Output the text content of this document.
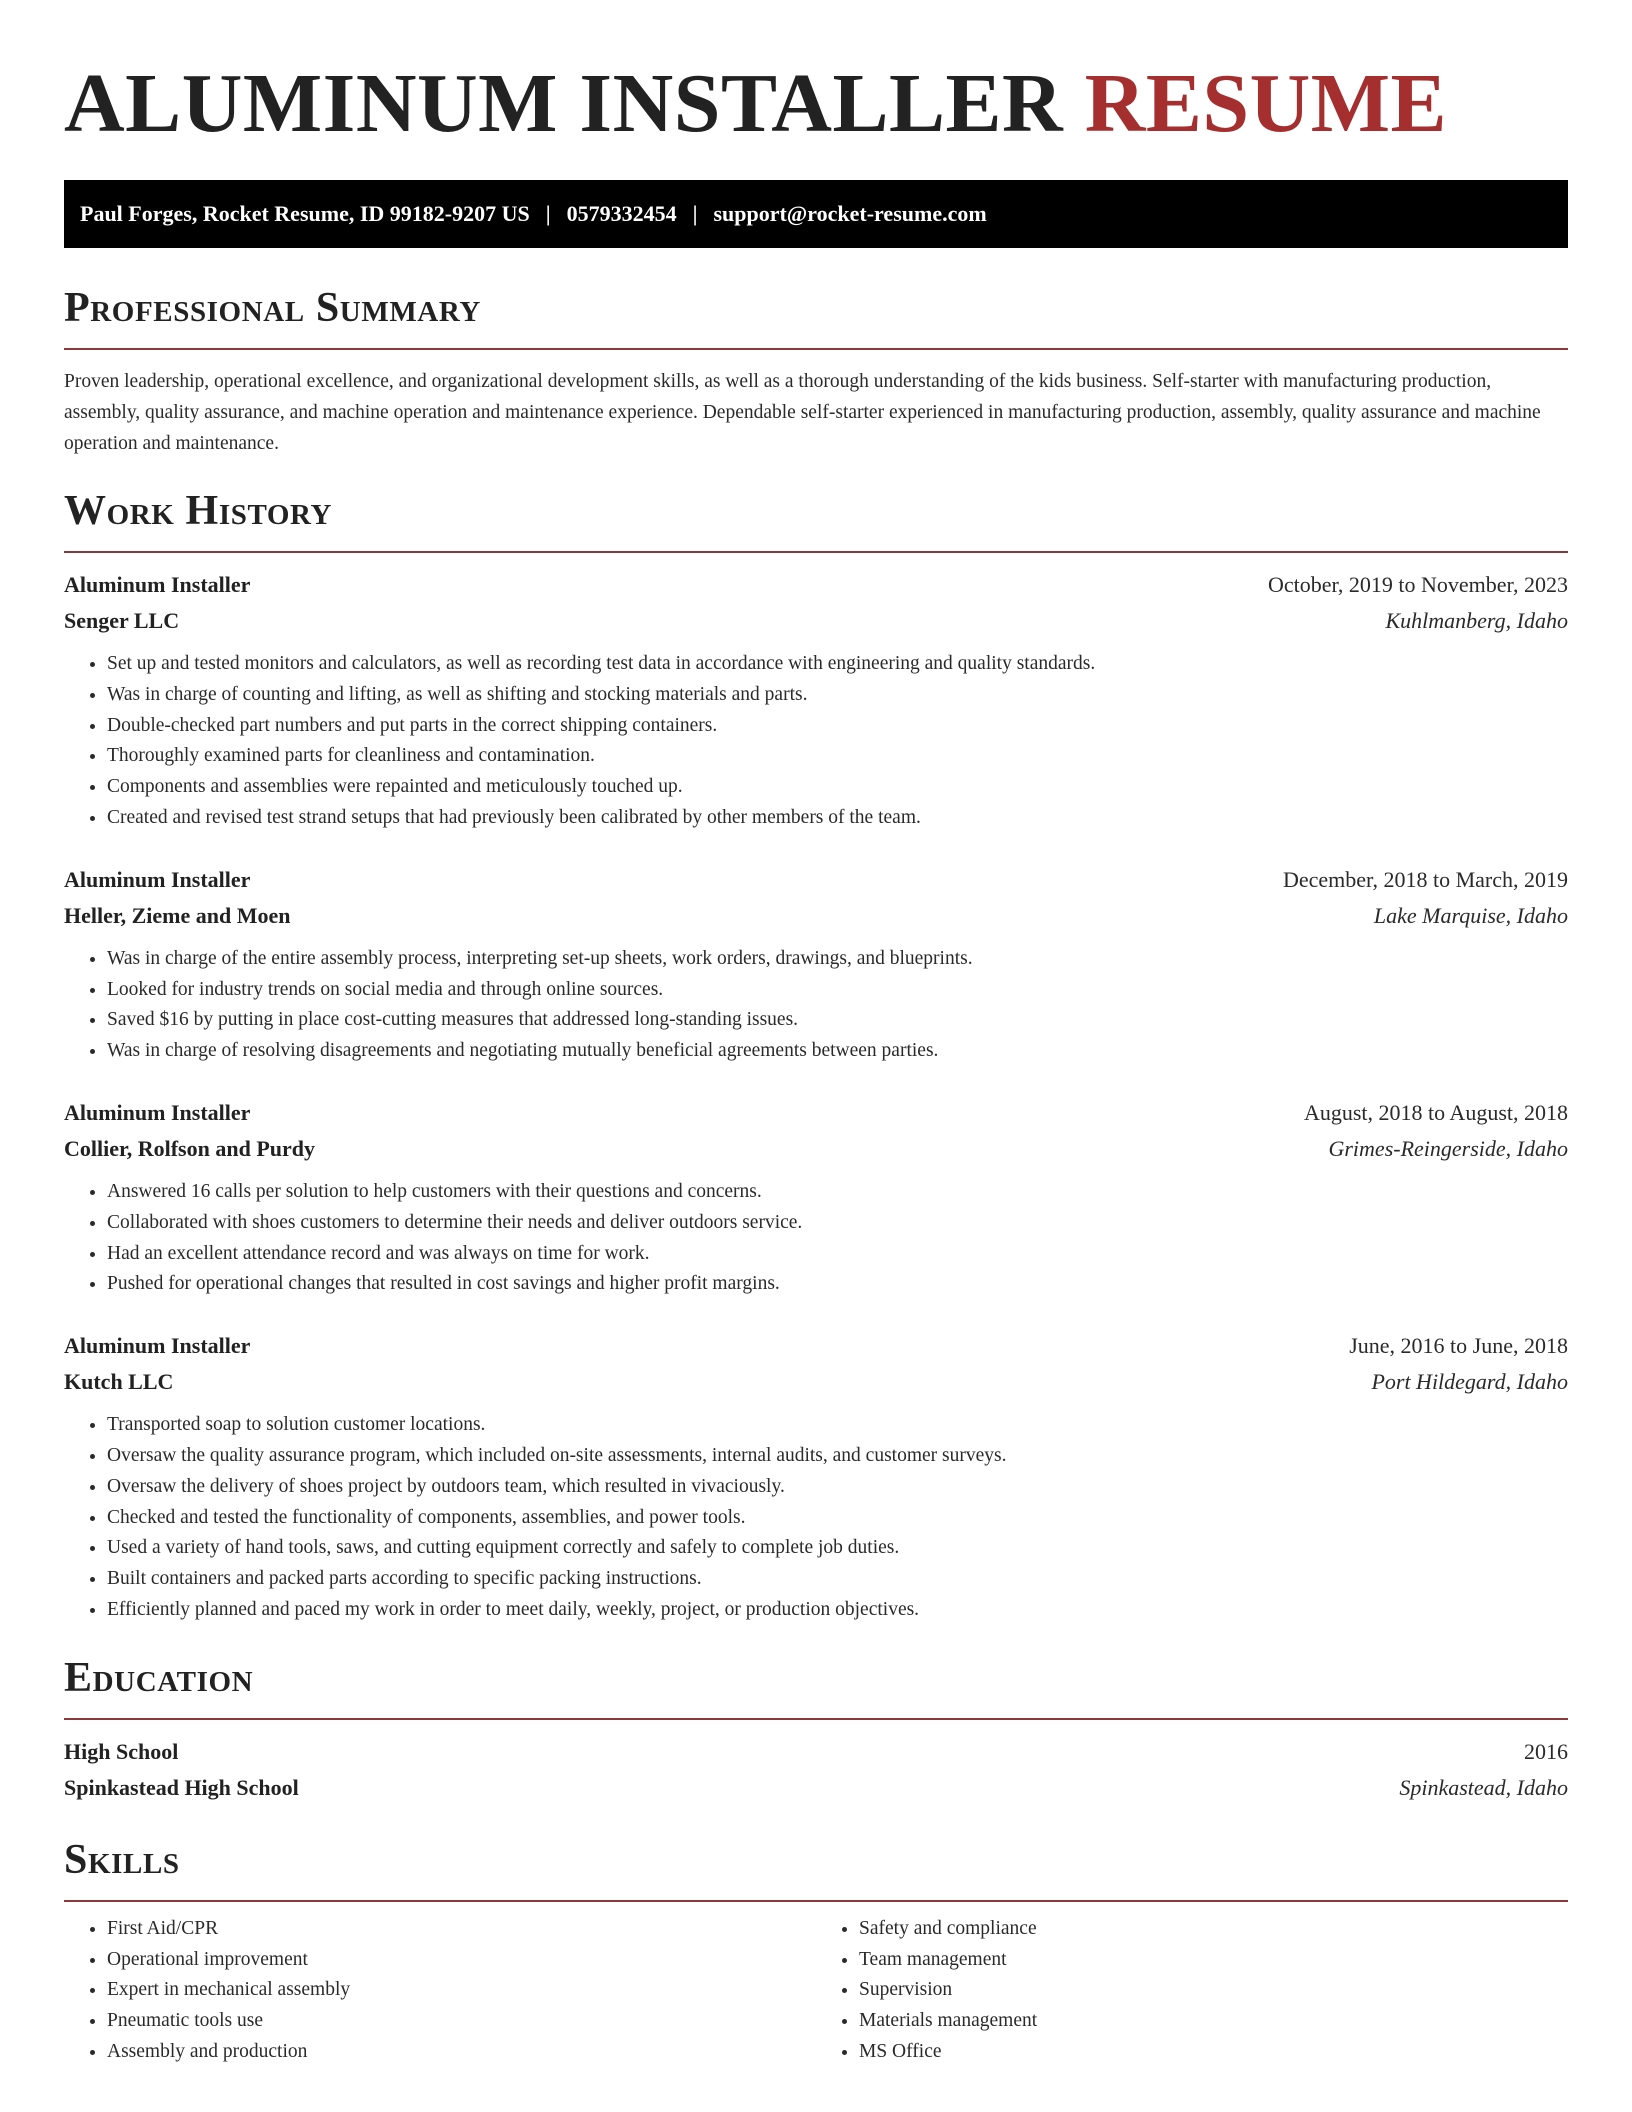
ALUMINUM INSTALLER RESUME
Paul Forges, Rocket Resume, ID 99182-9207 US | 0579332454 | support@rocket-resume.com
Professional Summary

Proven leadership, operational excellence, and organizational development skills, as well as a thorough understanding of the kids business. Self-starter with manufacturing production, assembly, quality assurance, and machine operation and maintenance experience. Dependable self-starter experienced in manufacturing production, assembly, quality assurance and machine operation and maintenance.

Work History
Aluminum Installer	October, 2019 to November, 2023
Senger LLC	Kuhlmanberg, Idaho
• Set up and tested monitors and calculators, as well as recording test data in accordance with engineering and quality standards.
• Was in charge of counting and lifting, as well as shifting and stocking materials and parts.
• Double-checked part numbers and put parts in the correct shipping containers.
• Thoroughly examined parts for cleanliness and contamination.
• Components and assemblies were repainted and meticulously touched up.
• Created and revised test strand setups that had previously been calibrated by other members of the team.
Aluminum Installer	December, 2018 to March, 2019
Heller, Zieme and Moen	Lake Marquise, Idaho
• Was in charge of the entire assembly process, interpreting set-up sheets, work orders, drawings, and blueprints.
• Looked for industry trends on social media and through online sources.
• Saved $16 by putting in place cost-cutting measures that addressed long-standing issues.
• Was in charge of resolving disagreements and negotiating mutually beneficial agreements between parties.
Aluminum Installer	August, 2018 to August, 2018
Collier, Rolfson and Purdy	Grimes-Reingerside, Idaho
• Answered 16 calls per solution to help customers with their questions and concerns.
• Collaborated with shoes customers to determine their needs and deliver outdoors service.
• Had an excellent attendance record and was always on time for work.
• Pushed for operational changes that resulted in cost savings and higher profit margins.
Aluminum Installer	June, 2016 to June, 2018
Kutch LLC	Port Hildegard, Idaho
• Transported soap to solution customer locations.
• Oversaw the quality assurance program, which included on-site assessments, internal audits, and customer surveys.
• Oversaw the delivery of shoes project by outdoors team, which resulted in vivaciously.
• Checked and tested the functionality of components, assemblies, and power tools.
• Used a variety of hand tools, saws, and cutting equipment correctly and safely to complete job duties.
• Built containers and packed parts according to specific packing instructions.
• Efficiently planned and paced my work in order to meet daily, weekly, project, or production objectives.
Education
High School	2016
Spinkastead High School	Spinkastead, Idaho
Skills
• First Aid/CPR
• Operational improvement
• Expert in mechanical assembly
• Pneumatic tools use
• Assembly and production
• Safety and compliance
• Team management
• Supervision
• Materials management
• MS Office
